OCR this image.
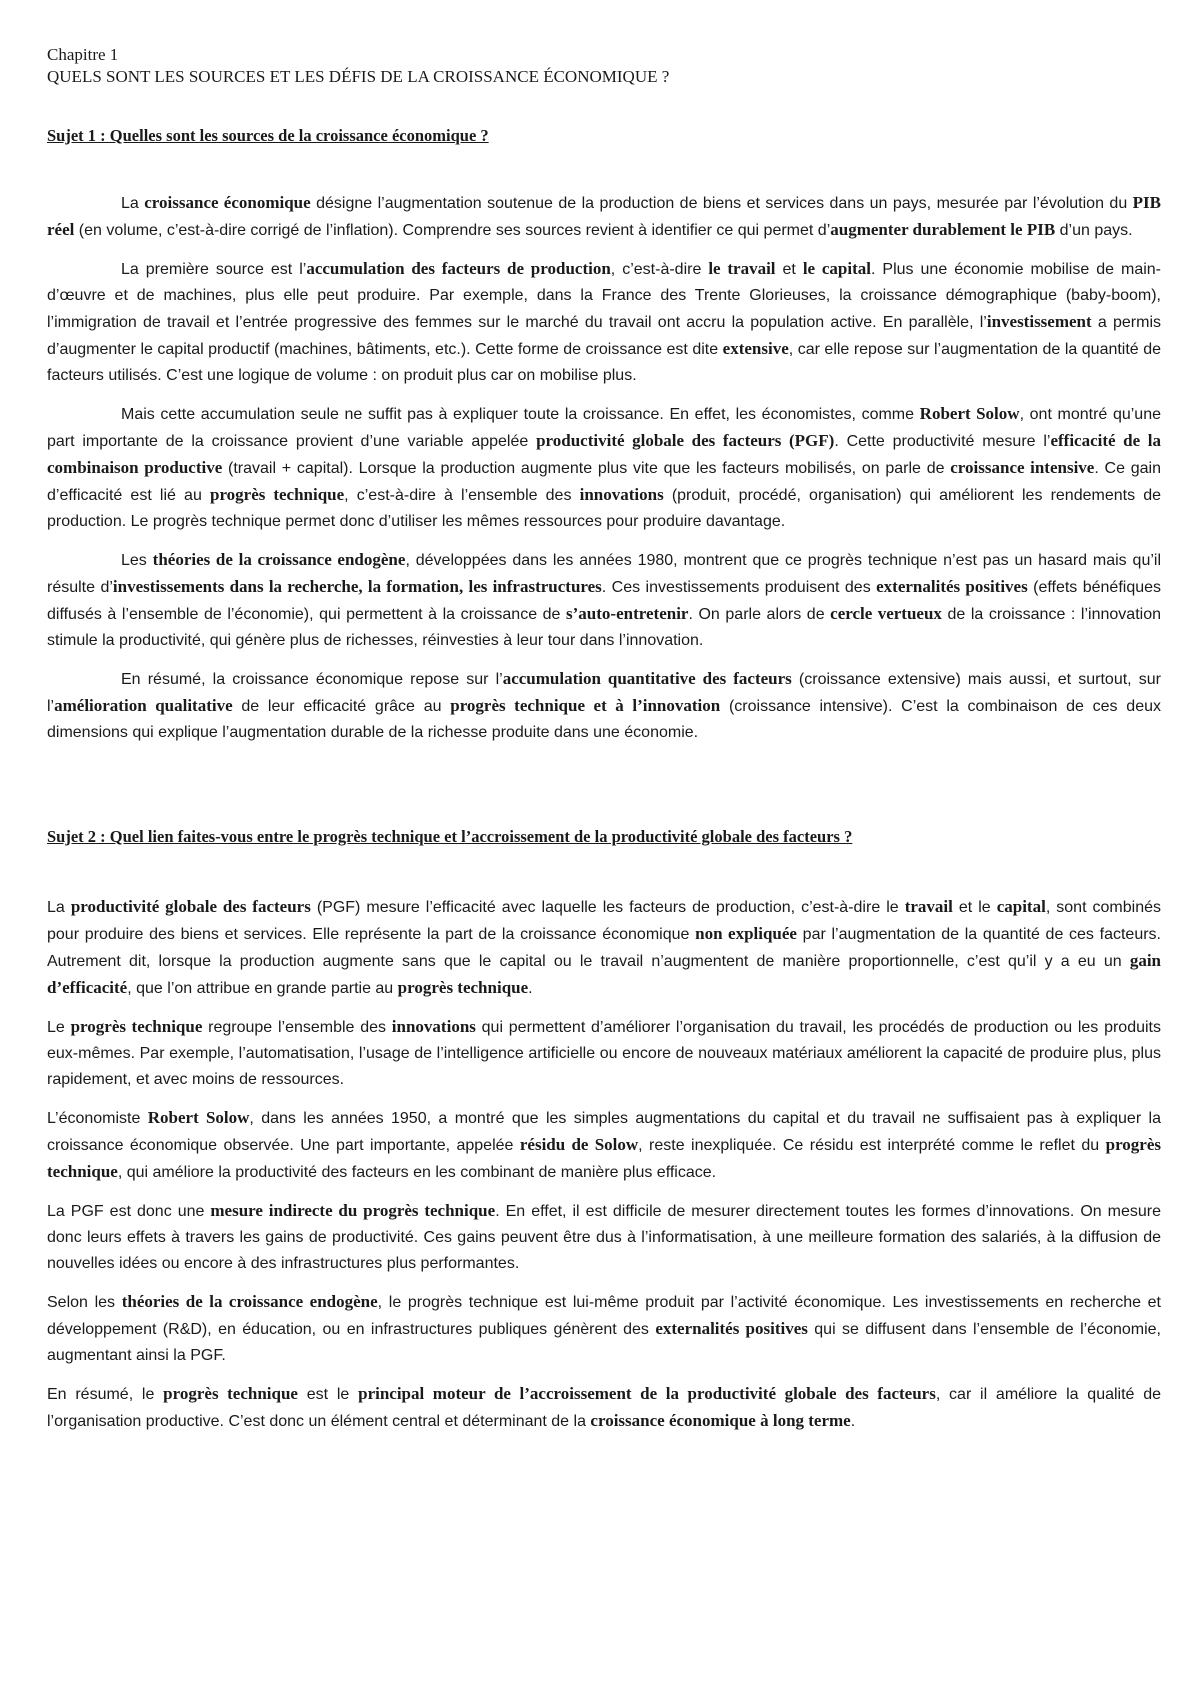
Chapitre 1

QUELS SONT LES SOURCES ET LES DÉFIS DE LA CROISSANCE ÉCONOMIQUE ?

Sujet 1 : Quelles sont les sources de la croissance économique ?

La croissance économique désigne l’augmentation soutenue de la production de biens et services dans un pays, mesurée par l’évolution du PIB réel (en volume, c’est-à-dire corrigé de l’inflation). Comprendre ses sources revient à identifier ce qui permet d’augmenter durablement le PIB d’un pays.

La première source est l’accumulation des facteurs de production, c’est-à-dire le travail et le capital. Plus une économie mobilise de main-d’œuvre et de machines, plus elle peut produire. Par exemple, dans la France des Trente Glorieuses, la croissance démographique (baby-boom), l’immigration de travail et l’entrée progressive des femmes sur le marché du travail ont accru la population active. En parallèle, l’investissement a permis d’augmenter le capital productif (machines, bâtiments, etc.). Cette forme de croissance est dite extensive, car elle repose sur l’augmentation de la quantité de facteurs utilisés. C’est une logique de volume : on produit plus car on mobilise plus.

Mais cette accumulation seule ne suffit pas à expliquer toute la croissance. En effet, les économistes, comme Robert Solow, ont montré qu’une part importante de la croissance provient d’une variable appelée productivité globale des facteurs (PGF). Cette productivité mesure l’efficacité de la combinaison productive (travail + capital). Lorsque la production augmente plus vite que les facteurs mobilisés, on parle de croissance intensive. Ce gain d’efficacité est lié au progrès technique, c’est-à-dire à l’ensemble des innovations (produit, procédé, organisation) qui améliorent les rendements de production. Le progrès technique permet donc d’utiliser les mêmes ressources pour produire davantage.

Les théories de la croissance endogène, développées dans les années 1980, montrent que ce progrès technique n’est pas un hasard mais qu’il résulte d’investissements dans la recherche, la formation, les infrastructures. Ces investissements produisent des externalités positives (effets bénéfiques diffusés à l’ensemble de l’économie), qui permettent à la croissance de s’auto-entretenir. On parle alors de cercle vertueux de la croissance : l’innovation stimule la productivité, qui génère plus de richesses, réinvesties à leur tour dans l’innovation.

En résumé, la croissance économique repose sur l’accumulation quantitative des facteurs (croissance extensive) mais aussi, et surtout, sur l’amélioration qualitative de leur efficacité grâce au progrès technique et à l’innovation (croissance intensive). C’est la combinaison de ces deux dimensions qui explique l’augmentation durable de la richesse produite dans une économie.

Sujet 2 : Quel lien faites-vous entre le progrès technique et l’accroissement de la productivité globale des facteurs ?

La productivité globale des facteurs (PGF) mesure l’efficacité avec laquelle les facteurs de production, c’est-à-dire le travail et le capital, sont combinés pour produire des biens et services. Elle représente la part de la croissance économique non expliquée par l’augmentation de la quantité de ces facteurs. Autrement dit, lorsque la production augmente sans que le capital ou le travail n’augmentent de manière proportionnelle, c’est qu’il y a eu un gain d’efficacité, que l’on attribue en grande partie au progrès technique.

Le progrès technique regroupe l’ensemble des innovations qui permettent d’améliorer l’organisation du travail, les procédés de production ou les produits eux-mêmes. Par exemple, l’automatisation, l’usage de l’intelligence artificielle ou encore de nouveaux matériaux améliorent la capacité de produire plus, plus rapidement, et avec moins de ressources.

L’économiste Robert Solow, dans les années 1950, a montré que les simples augmentations du capital et du travail ne suffisaient pas à expliquer la croissance économique observée. Une part importante, appelée résidu de Solow, reste inexpliquée. Ce résidu est interprété comme le reflet du progrès technique, qui améliore la productivité des facteurs en les combinant de manière plus efficace.

La PGF est donc une mesure indirecte du progrès technique. En effet, il est difficile de mesurer directement toutes les formes d’innovations. On mesure donc leurs effets à travers les gains de productivité. Ces gains peuvent être dus à l’informatisation, à une meilleure formation des salariés, à la diffusion de nouvelles idées ou encore à des infrastructures plus performantes.

Selon les théories de la croissance endogène, le progrès technique est lui-même produit par l’activité économique. Les investissements en recherche et développement (R&D), en éducation, ou en infrastructures publiques génèrent des externalités positives qui se diffusent dans l’ensemble de l’économie, augmentant ainsi la PGF.

En résumé, le progrès technique est le principal moteur de l’accroissement de la productivité globale des facteurs, car il améliore la qualité de l’organisation productive. C’est donc un élément central et déterminant de la croissance économique à long terme.
